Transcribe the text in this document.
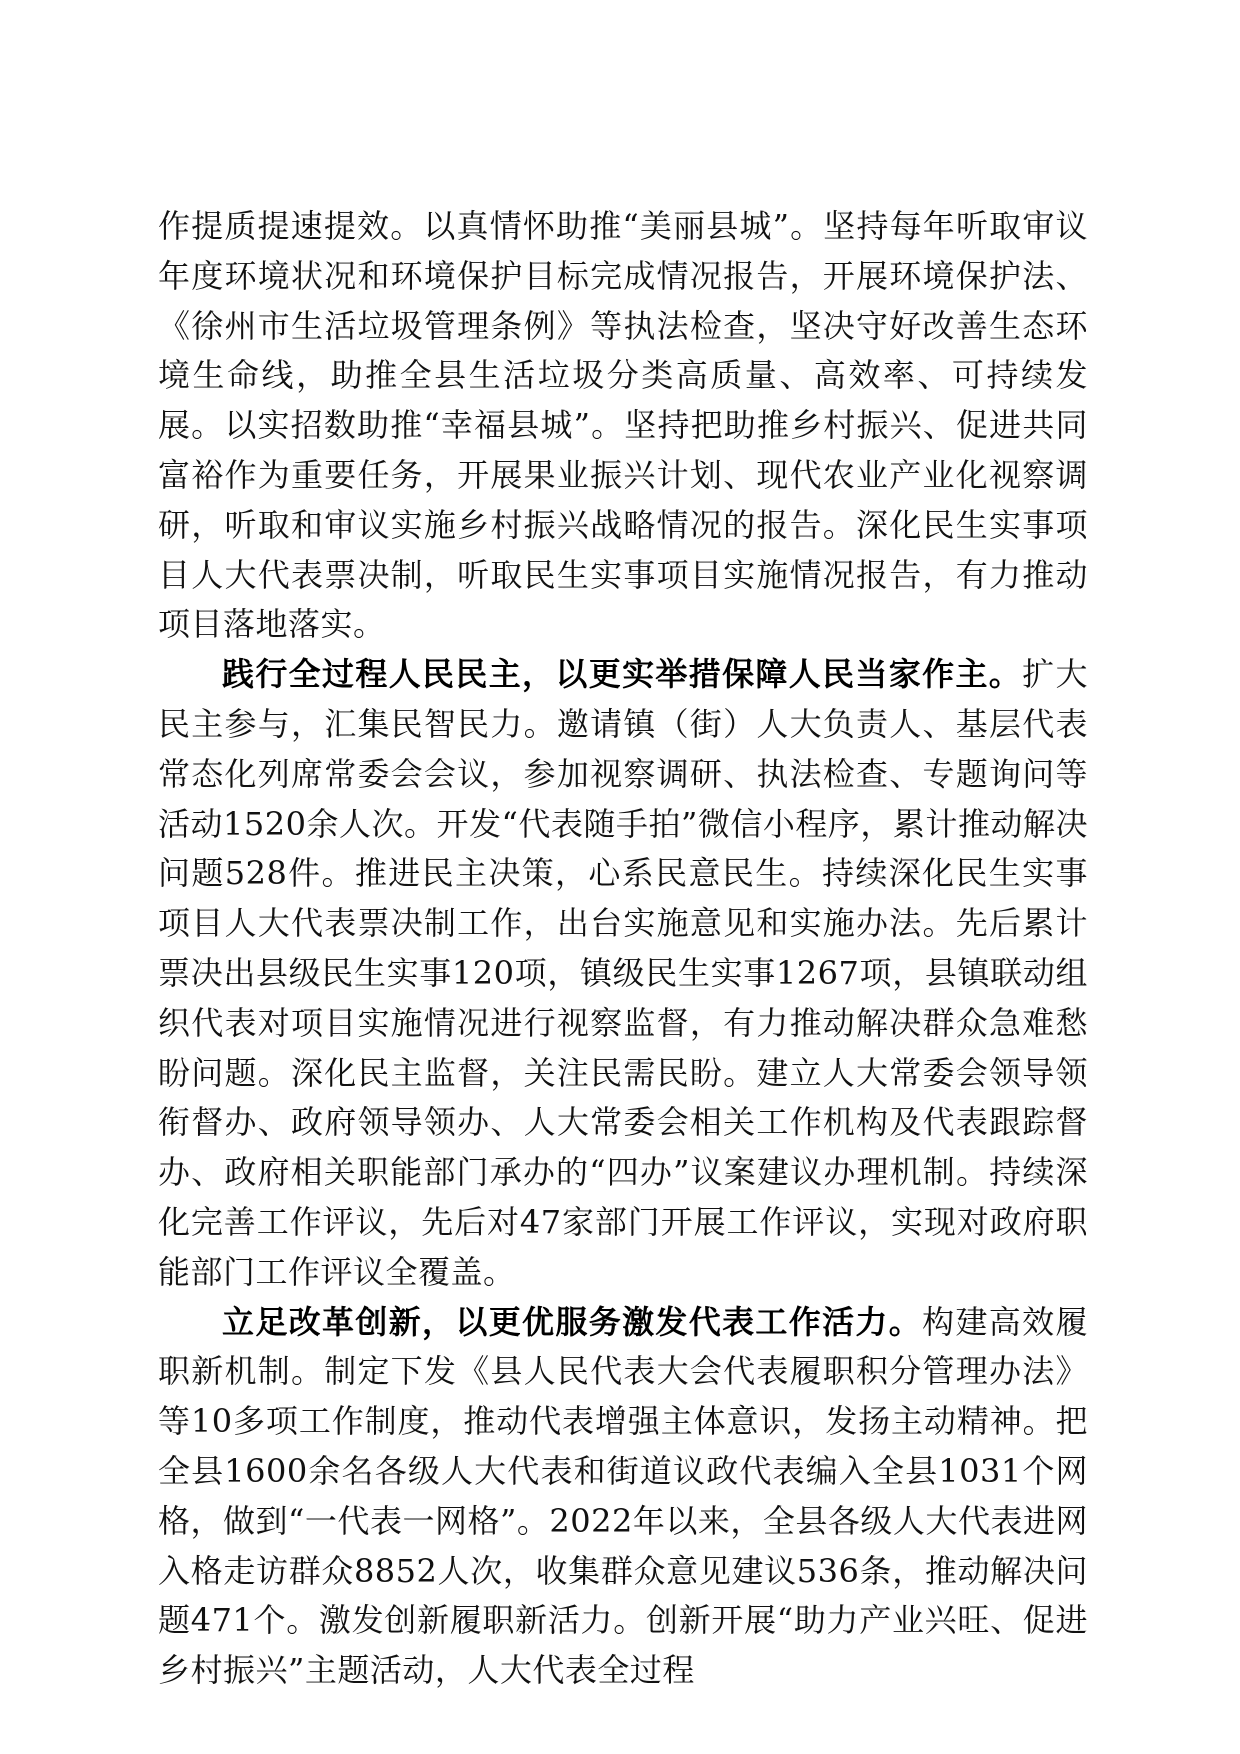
作提质提速提效。以真情怀助推“美丽县城”。坚持每年听取审议年度环境状况和环境保护目标完成情况报告，开展环境保护法、《徐州市生活垃圾管理条例》等执法检查，坚决守好改善生态环境生命线，助推全县生活垃圾分类高质量、高效率、可持续发展。以实招数助推“幸福县城”。坚持把助推乡村振兴、促进共同富裕作为重要任务，开展果业振兴计划、现代农业产业化视察调研，听取和审议实施乡村振兴战略情况的报告。深化民生实事项目人大代表票决制，听取民生实事项目实施情况报告，有力推动项目落地落实。

践行全过程人民民主，以更实举措保障人民当家作主。扩大民主参与，汇集民智民力。邀请镇（街）人大负责人、基层代表常态化列席常委会会议，参加视察调研、执法检查、专题询问等活动1520余人次。开发“代表随手拍”微信小程序，累计推动解决问题528件。推进民主决策，心系民意民生。持续深化民生实事项目人大代表票决制工作，出台实施意见和实施办法。先后累计票决出县级民生实事120项，镇级民生实事1267项，县镇联动组织代表对项目实施情况进行视察监督，有力推动解决群众急难愁盼问题。深化民主监督，关注民需民盼。建立人大常委会领导领衔督办、政府领导领办、人大常委会相关工作机构及代表跟踪督办、政府相关职能部门承办的“四办”议案建议办理机制。持续深化完善工作评议，先后对47家部门开展工作评议，实现对政府职能部门工作评议全覆盖。

立足改革创新，以更优服务激发代表工作活力。构建高效履职新机制。制定下发《县人民代表大会代表履职积分管理办法》等10多项工作制度，推动代表增强主体意识，发扬主动精神。把全县1600余名各级人大代表和街道议政代表编入全县1031个网格，做到“一代表一网格”。2022年以来，全县各级人大代表进网入格走访群众8852人次，收集群众意见建议536条，推动解决问题471个。激发创新履职新活力。创新开展“助力产业兴旺、促进乡村振兴”主题活动，人大代表全过程
